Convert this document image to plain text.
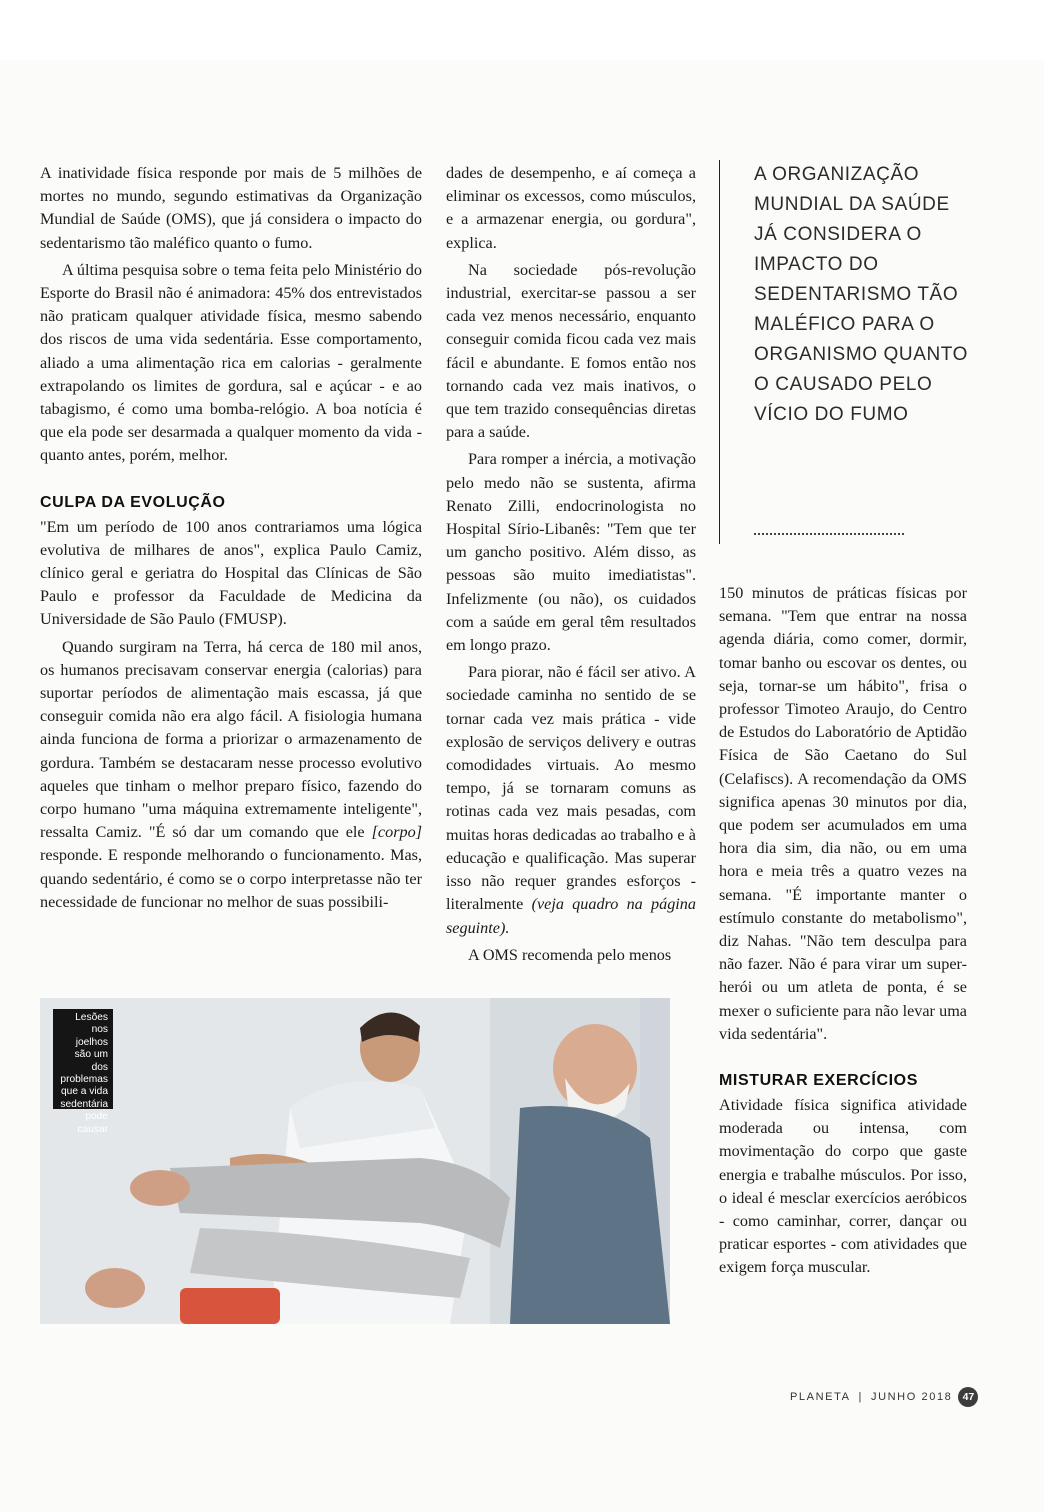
A inatividade física responde por mais de 5 milhões de mortes no mundo, segundo estimativas da Organização Mundial de Saúde (OMS), que já considera o impacto do sedentarismo tão maléfico quanto o fumo.

A última pesquisa sobre o tema feita pelo Ministério do Esporte do Brasil não é animadora: 45% dos entrevistados não praticam qualquer atividade física, mesmo sabendo dos riscos de uma vida sedentária. Esse comportamento, aliado a uma alimentação rica em calorias - geralmente extrapolando os limites de gordura, sal e açúcar - e ao tabagismo, é como uma bomba-relógio. A boa notícia é que ela pode ser desarmada a qualquer momento da vida - quanto antes, porém, melhor.

CULPA DA EVOLUÇÃO

"Em um período de 100 anos contrariamos uma lógica evolutiva de milhares de anos", explica Paulo Camiz, clínico geral e geriatra do Hospital das Clínicas de São Paulo e professor da Faculdade de Medicina da Universidade de São Paulo (FMUSP).

Quando surgiram na Terra, há cerca de 180 mil anos, os humanos precisavam conservar energia (calorias) para suportar períodos de alimentação mais escassa, já que conseguir comida não era algo fácil. A fisiologia humana ainda funciona de forma a priorizar o armazenamento de gordura. Também se destacaram nesse processo evolutivo aqueles que tinham o melhor preparo físico, fazendo do corpo humano "uma máquina extremamente inteligente", ressalta Camiz. "É só dar um comando que ele [corpo] responde. E responde melhorando o funcionamento. Mas, quando sedentário, é como se o corpo interpretasse não ter necessidade de funcionar no melhor de suas possibili-

dades de desempenho, e aí começa a eliminar os excessos, como músculos, e a armazenar energia, ou gordura", explica.

Na sociedade pós-revolução industrial, exercitar-se passou a ser cada vez menos necessário, enquanto conseguir comida ficou cada vez mais fácil e abundante. E fomos então nos tornando cada vez mais inativos, o que tem trazido consequências diretas para a saúde.

Para romper a inércia, a motivação pelo medo não se sustenta, afirma Renato Zilli, endocrinologista no Hospital Sírio-Libanês: "Tem que ter um gancho positivo. Além disso, as pessoas são muito imediatistas". Infelizmente (ou não), os cuidados com a saúde em geral têm resultados em longo prazo.

Para piorar, não é fácil ser ativo. A sociedade caminha no sentido de se tornar cada vez mais prática - vide explosão de serviços delivery e outras comodidades virtuais. Ao mesmo tempo, já se tornaram comuns as rotinas cada vez mais pesadas, com muitas horas dedicadas ao trabalho e à educação e qualificação. Mas superar isso não requer grandes esforços - literalmente (veja quadro na página seguinte).

A OMS recomenda pelo menos

A ORGANIZAÇÃO MUNDIAL DA SAÚDE JÁ CONSIDERA O IMPACTO DO SEDENTARISMO TÃO MALÉFICO PARA O ORGANISMO QUANTO O CAUSADO PELO VÍCIO DO FUMO

150 minutos de práticas físicas por semana. "Tem que entrar na nossa agenda diária, como comer, dormir, tomar banho ou escovar os dentes, ou seja, tornar-se um hábito", frisa o professor Timoteo Araujo, do Centro de Estudos do Laboratório de Aptidão Física de São Caetano do Sul (Celafiscs). A recomendação da OMS significa apenas 30 minutos por dia, que podem ser acumulados em uma hora dia sim, dia não, ou em uma hora e meia três a quatro vezes na semana. "É importante manter o estímulo constante do metabolismo", diz Nahas. "Não tem desculpa para não fazer. Não é para virar um super-herói ou um atleta de ponta, é se mexer o suficiente para não levar uma vida sedentária".

MISTURAR EXERCÍCIOS

Atividade física significa atividade moderada ou intensa, com movimentação do corpo que gaste energia e trabalhe músculos. Por isso, o ideal é mesclar exercícios aeróbicos - como caminhar, correr, dançar ou praticar esportes - com atividades que exigem força muscular.

Lesões nos joelhos são um dos problemas que a vida sedentária pode causar
PLANETA | JUNHO 2018 47
